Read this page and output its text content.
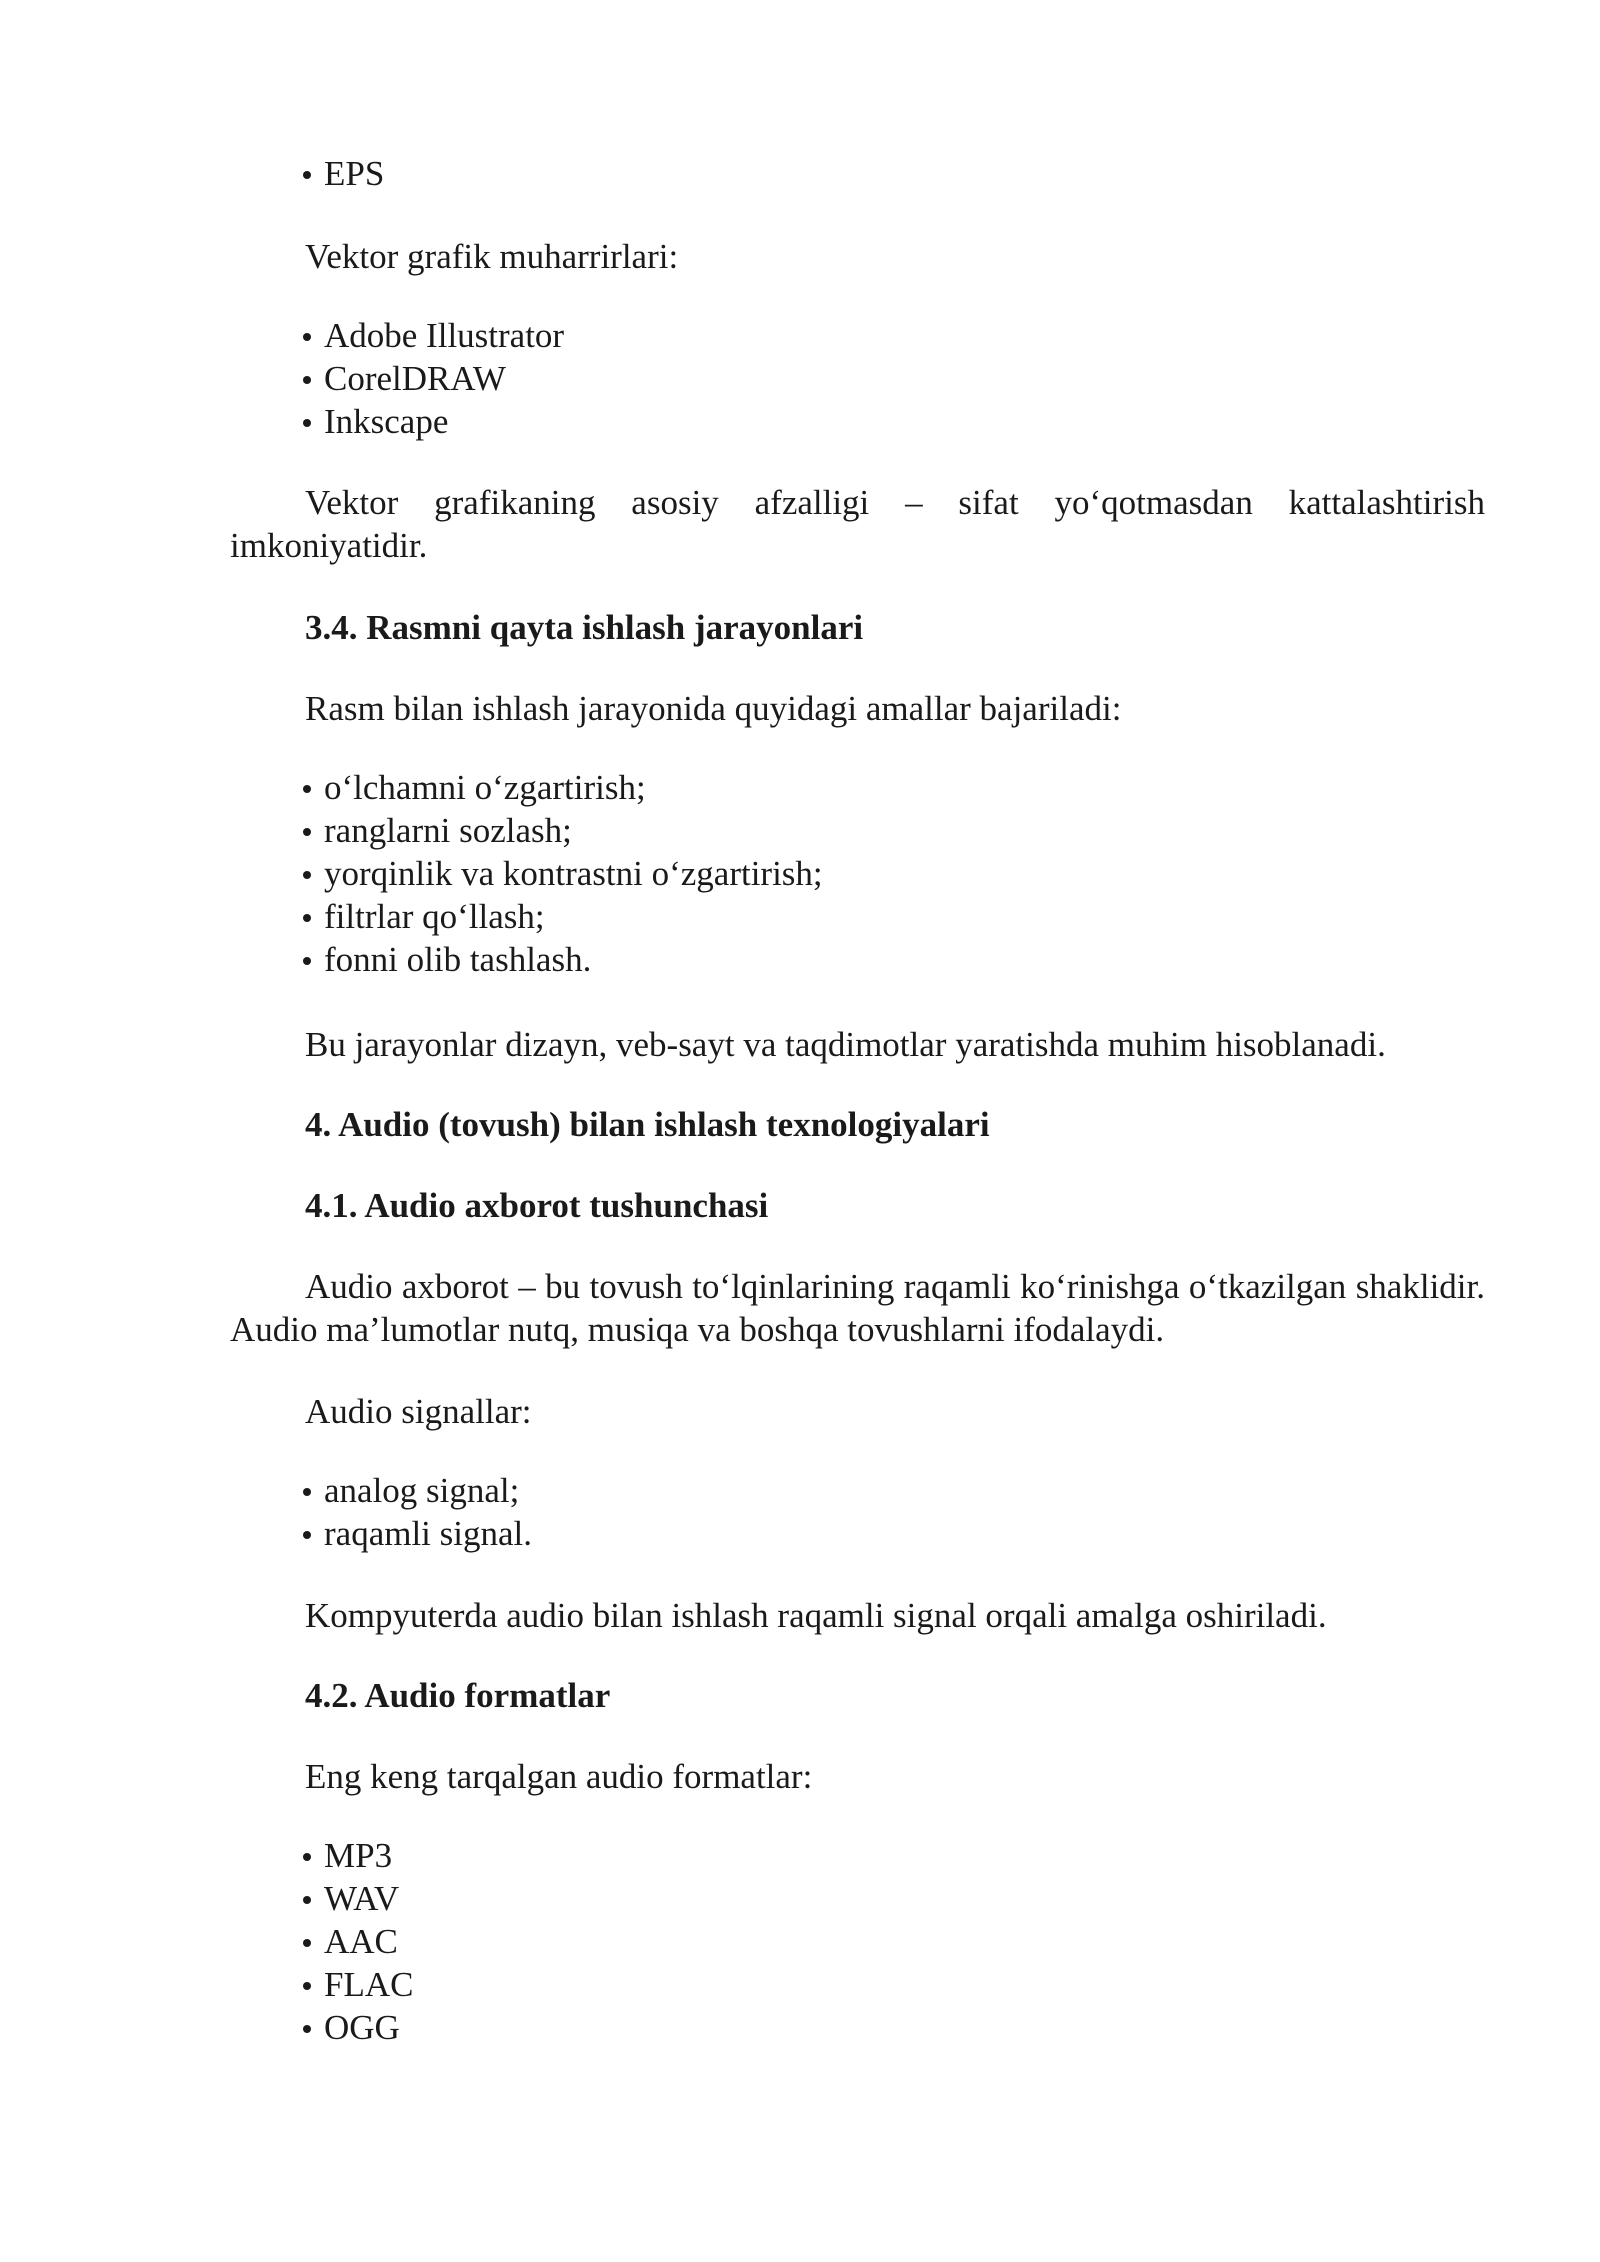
EPS

Vektor grafik muharrirlari:

Adobe Illustrator
CorelDRAW
Inkscape

Vektor grafikaning asosiy afzalligi – sifat yo‘qotmasdan kattalashtirish imkoniyatidir.

3.4. Rasmni qayta ishlash jarayonlari

Rasm bilan ishlash jarayonida quyidagi amallar bajariladi:

o‘lchamni o‘zgartirish;
ranglarni sozlash;
yorqinlik va kontrastni o‘zgartirish;
filtrlar qo‘llash;
fonni olib tashlash.

Bu jarayonlar dizayn, veb-sayt va taqdimotlar yaratishda muhim hisoblanadi.

4. Audio (tovush) bilan ishlash texnologiyalari
4.1. Audio axborot tushunchasi

Audio axborot – bu tovush to‘lqinlarining raqamli ko‘rinishga o‘tkazilgan shaklidir. Audio ma’lumotlar nutq, musiqa va boshqa tovushlarni ifodalaydi.

Audio signallar:

analog signal;
raqamli signal.

Kompyuterda audio bilan ishlash raqamli signal orqali amalga oshiriladi.

4.2. Audio formatlar

Eng keng tarqalgan audio formatlar:

MP3
WAV
AAC
FLAC
OGG
